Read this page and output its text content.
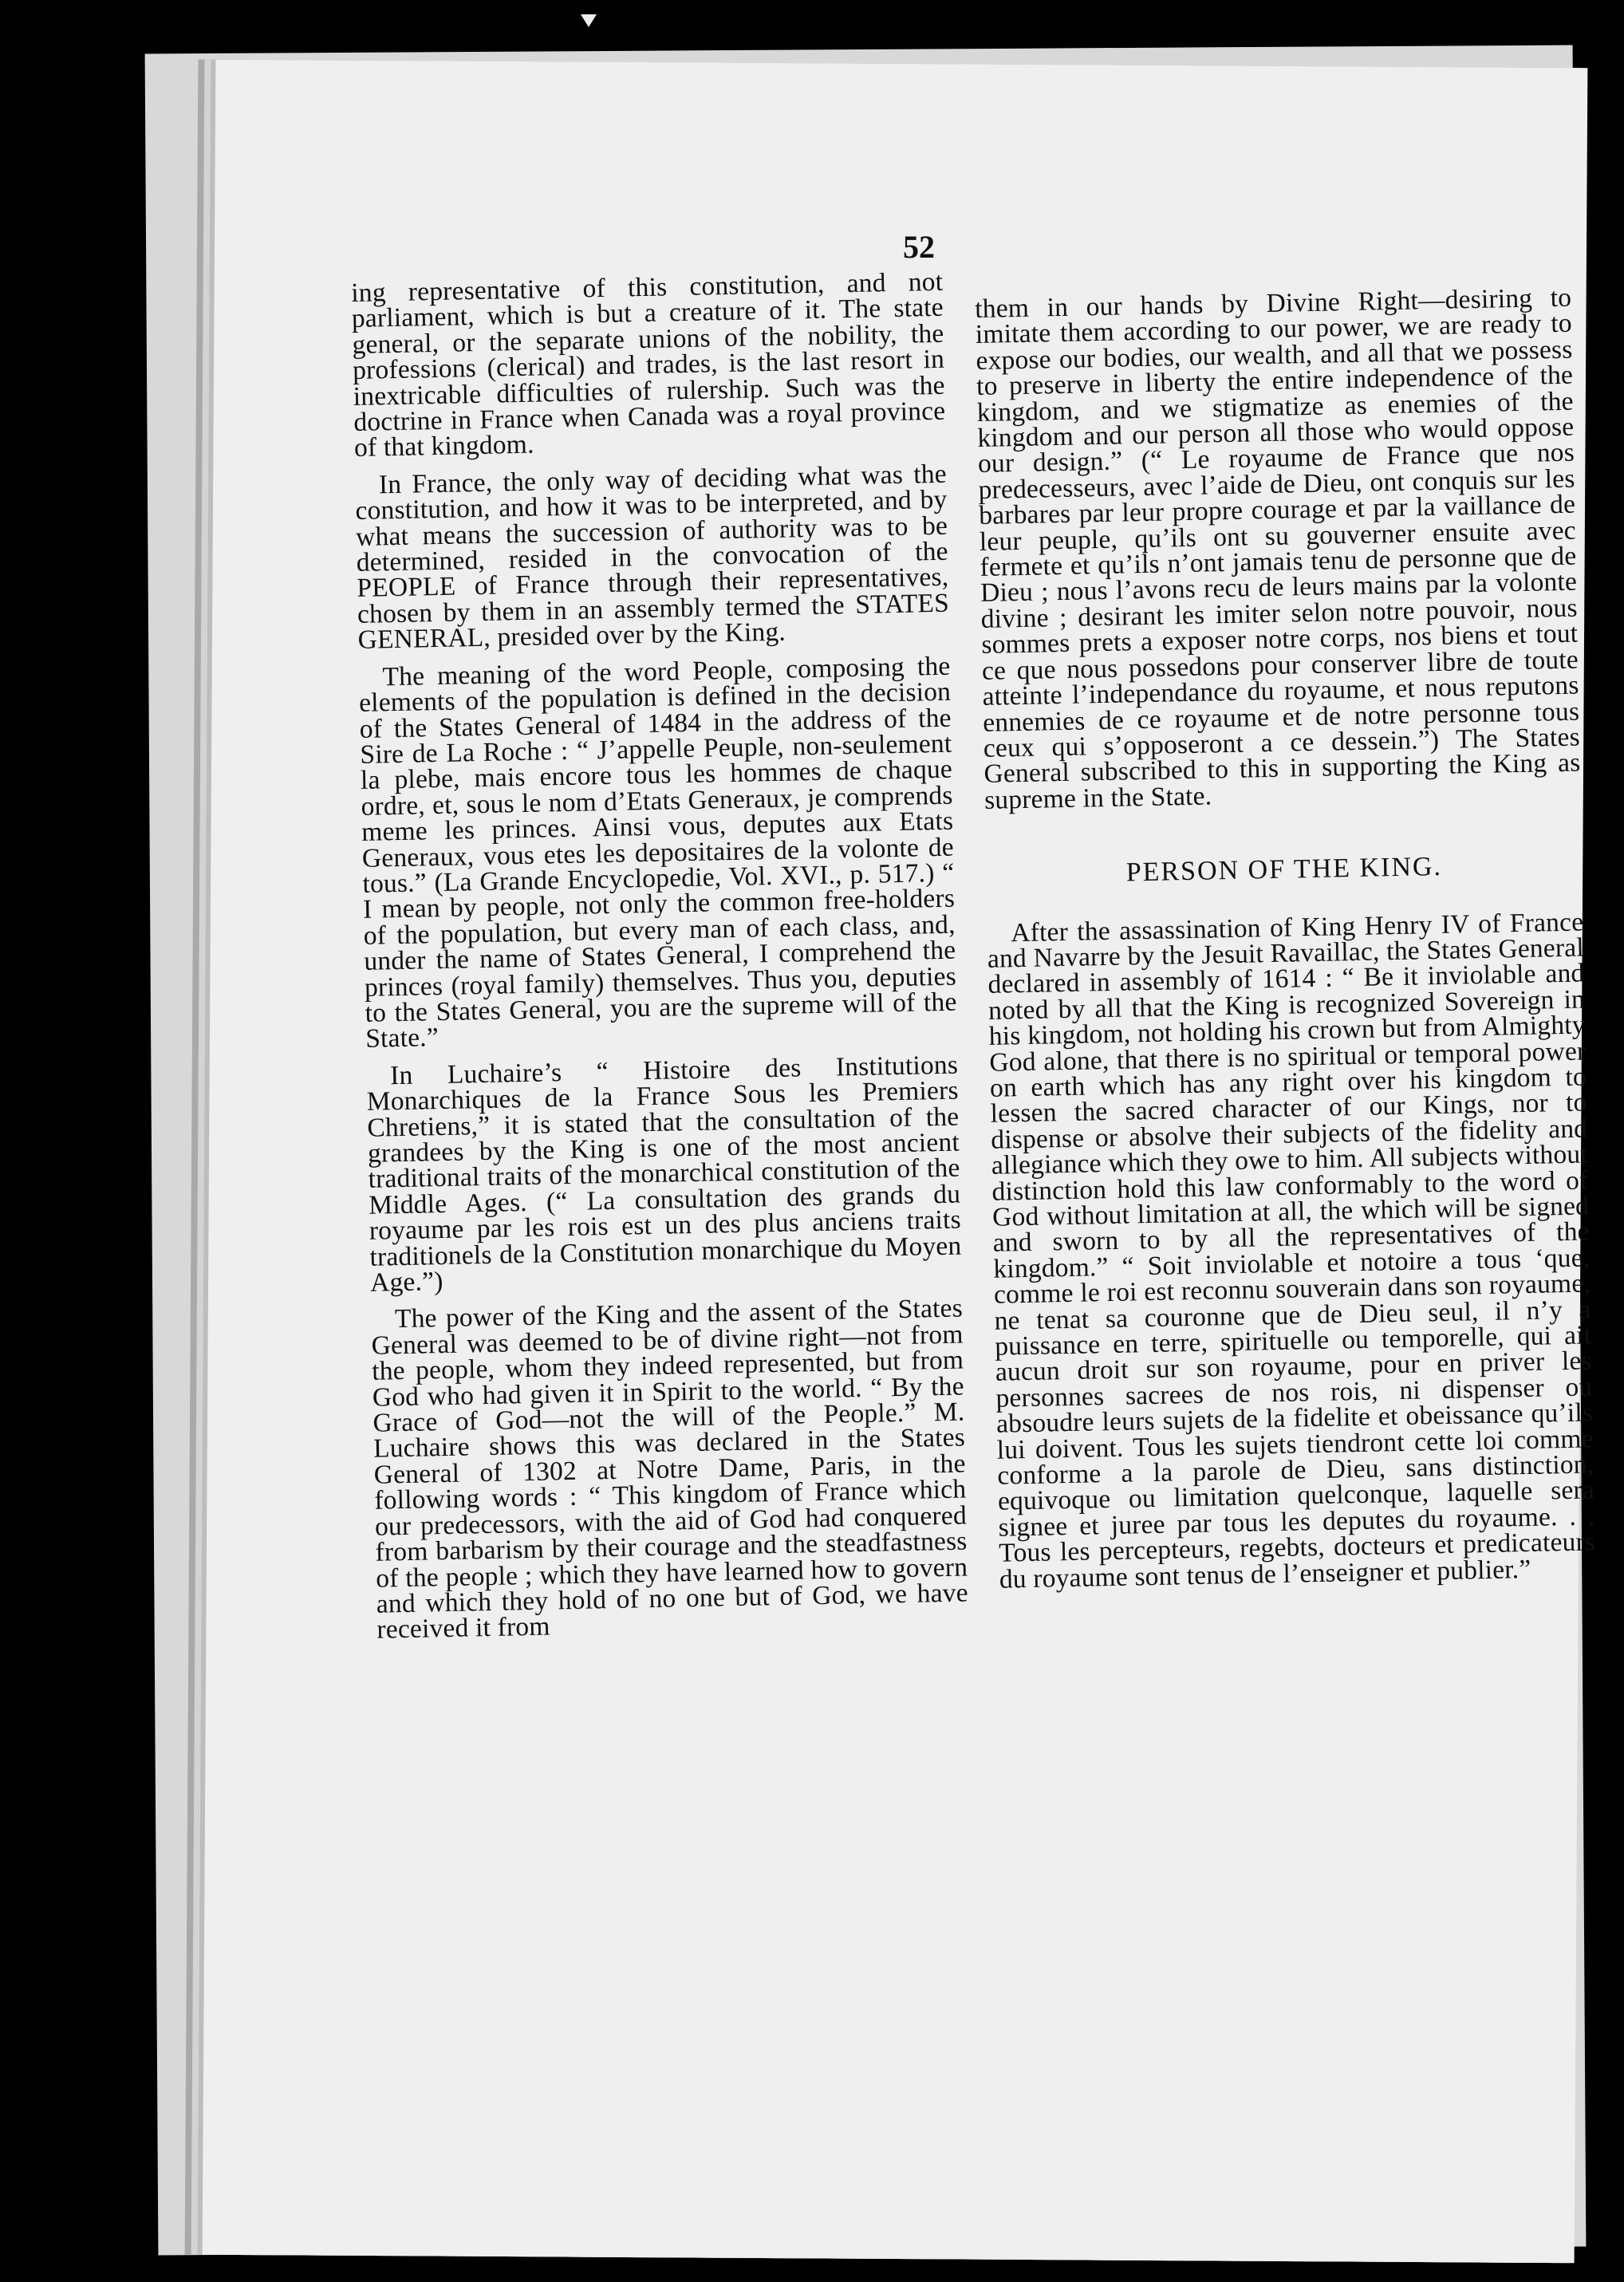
52

ing representative of this constitution, and not parliament, which is but a creature of it. The state general, or the separate unions of the nobility, the professions (clerical) and trades, is the last resort in inextricable difficulties of rulership. Such was the doctrine in France when Canada was a royal province of that kingdom.

In France, the only way of deciding what was the constitution, and how it was to be interpreted, and by what means the succession of authority was to be determined, resided in the convocation of the PEOPLE of France through their representatives, chosen by them in an assembly termed the STATES GENERAL, presided over by the King.

The meaning of the word People, composing the elements of the population is defined in the decision of the States General of 1484 in the address of the Sire de La Roche : “ J’appelle Peuple, non-seulement la plebe, mais encore tous les hommes de chaque ordre, et, sous le nom d’Etats Generaux, je comprends meme les princes. Ainsi vous, deputes aux Etats Generaux, vous etes les depositaires de la volonte de tous.” (La Grande Encyclopedie, Vol. XVI., p. 517.) “ I mean by people, not only the common free-holders of the population, but every man of each class, and, under the name of States General, I comprehend the princes (royal family) themselves. Thus you, deputies to the States General, you are the supreme will of the State.”

In Luchaire’s “ Histoire des Institutions Monarchiques de la France Sous les Premiers Chretiens,” it is stated that the consultation of the grandees by the King is one of the most ancient traditional traits of the monarchical constitution of the Middle Ages. (“ La consultation des grands du royaume par les rois est un des plus anciens traits traditionels de la Constitution monarchique du Moyen Age.”)

The power of the King and the assent of the States General was deemed to be of divine right—not from the people, whom they indeed represented, but from God who had given it in Spirit to the world. “ By the Grace of God—not the will of the People.” M. Luchaire shows this was declared in the States General of 1302 at Notre Dame, Paris, in the following words : “ This kingdom of France which our predecessors, with the aid of God had conquered from barbarism by their courage and the steadfastness of the people ; which they have learned how to govern and which they hold of no one but of God, we have received it from

them in our hands by Divine Right—desiring to imitate them according to our power, we are ready to expose our bodies, our wealth, and all that we possess to preserve in liberty the entire independence of the kingdom, and we stigmatize as enemies of the kingdom and our person all those who would oppose our design.” (“ Le royaume de France que nos predecesseurs, avec l’aide de Dieu, ont conquis sur les barbares par leur propre courage et par la vaillance de leur peuple, qu’ils ont su gouverner ensuite avec fermete et qu’ils n’ont jamais tenu de personne que de Dieu ; nous l’avons recu de leurs mains par la volonte divine ; desirant les imiter selon notre pouvoir, nous sommes prets a exposer notre corps, nos biens et tout ce que nous possedons pour conserver libre de toute atteinte l’independance du royaume, et nous reputons ennemies de ce royaume et de notre personne tous ceux qui s’opposeront a ce dessein.”) The States General subscribed to this in supporting the King as supreme in the State.

PERSON OF THE KING.

After the assassination of King Henry IV of France and Navarre by the Jesuit Ravaillac, the States General declared in assembly of 1614 : “ Be it inviolable and noted by all that the King is recognized Sovereign in his kingdom, not holding his crown but from Almighty God alone, that there is no spiritual or temporal power on earth which has any right over his kingdom to lessen the sacred character of our Kings, nor to dispense or absolve their subjects of the fidelity and allegiance which they owe to him. All subjects without distinction hold this law conformably to the word of God without limitation at all, the which will be signed and sworn to by all the representatives of the kingdom.” “ Soit inviolable et notoire a tous ‘que, comme le roi est reconnu souverain dans son royaume, ne tenat sa couronne que de Dieu seul, il n’y a puissance en terre, spirituelle ou temporelle, qui ait aucun droit sur son royaume, pour en priver les personnes sacrees de nos rois, ni dispenser ou absoudre leurs sujets de la fidelite et obeissance qu’ils lui doivent. Tous les sujets tiendront cette loi comme conforme a la parole de Dieu, sans distinction, equivoque ou limitation quelconque, laquelle sera signee et juree par tous les deputes du royaume. . . Tous les percepteurs, regebts, docteurs et predicateurs du royaume sont tenus de l’enseigner et publier.”
